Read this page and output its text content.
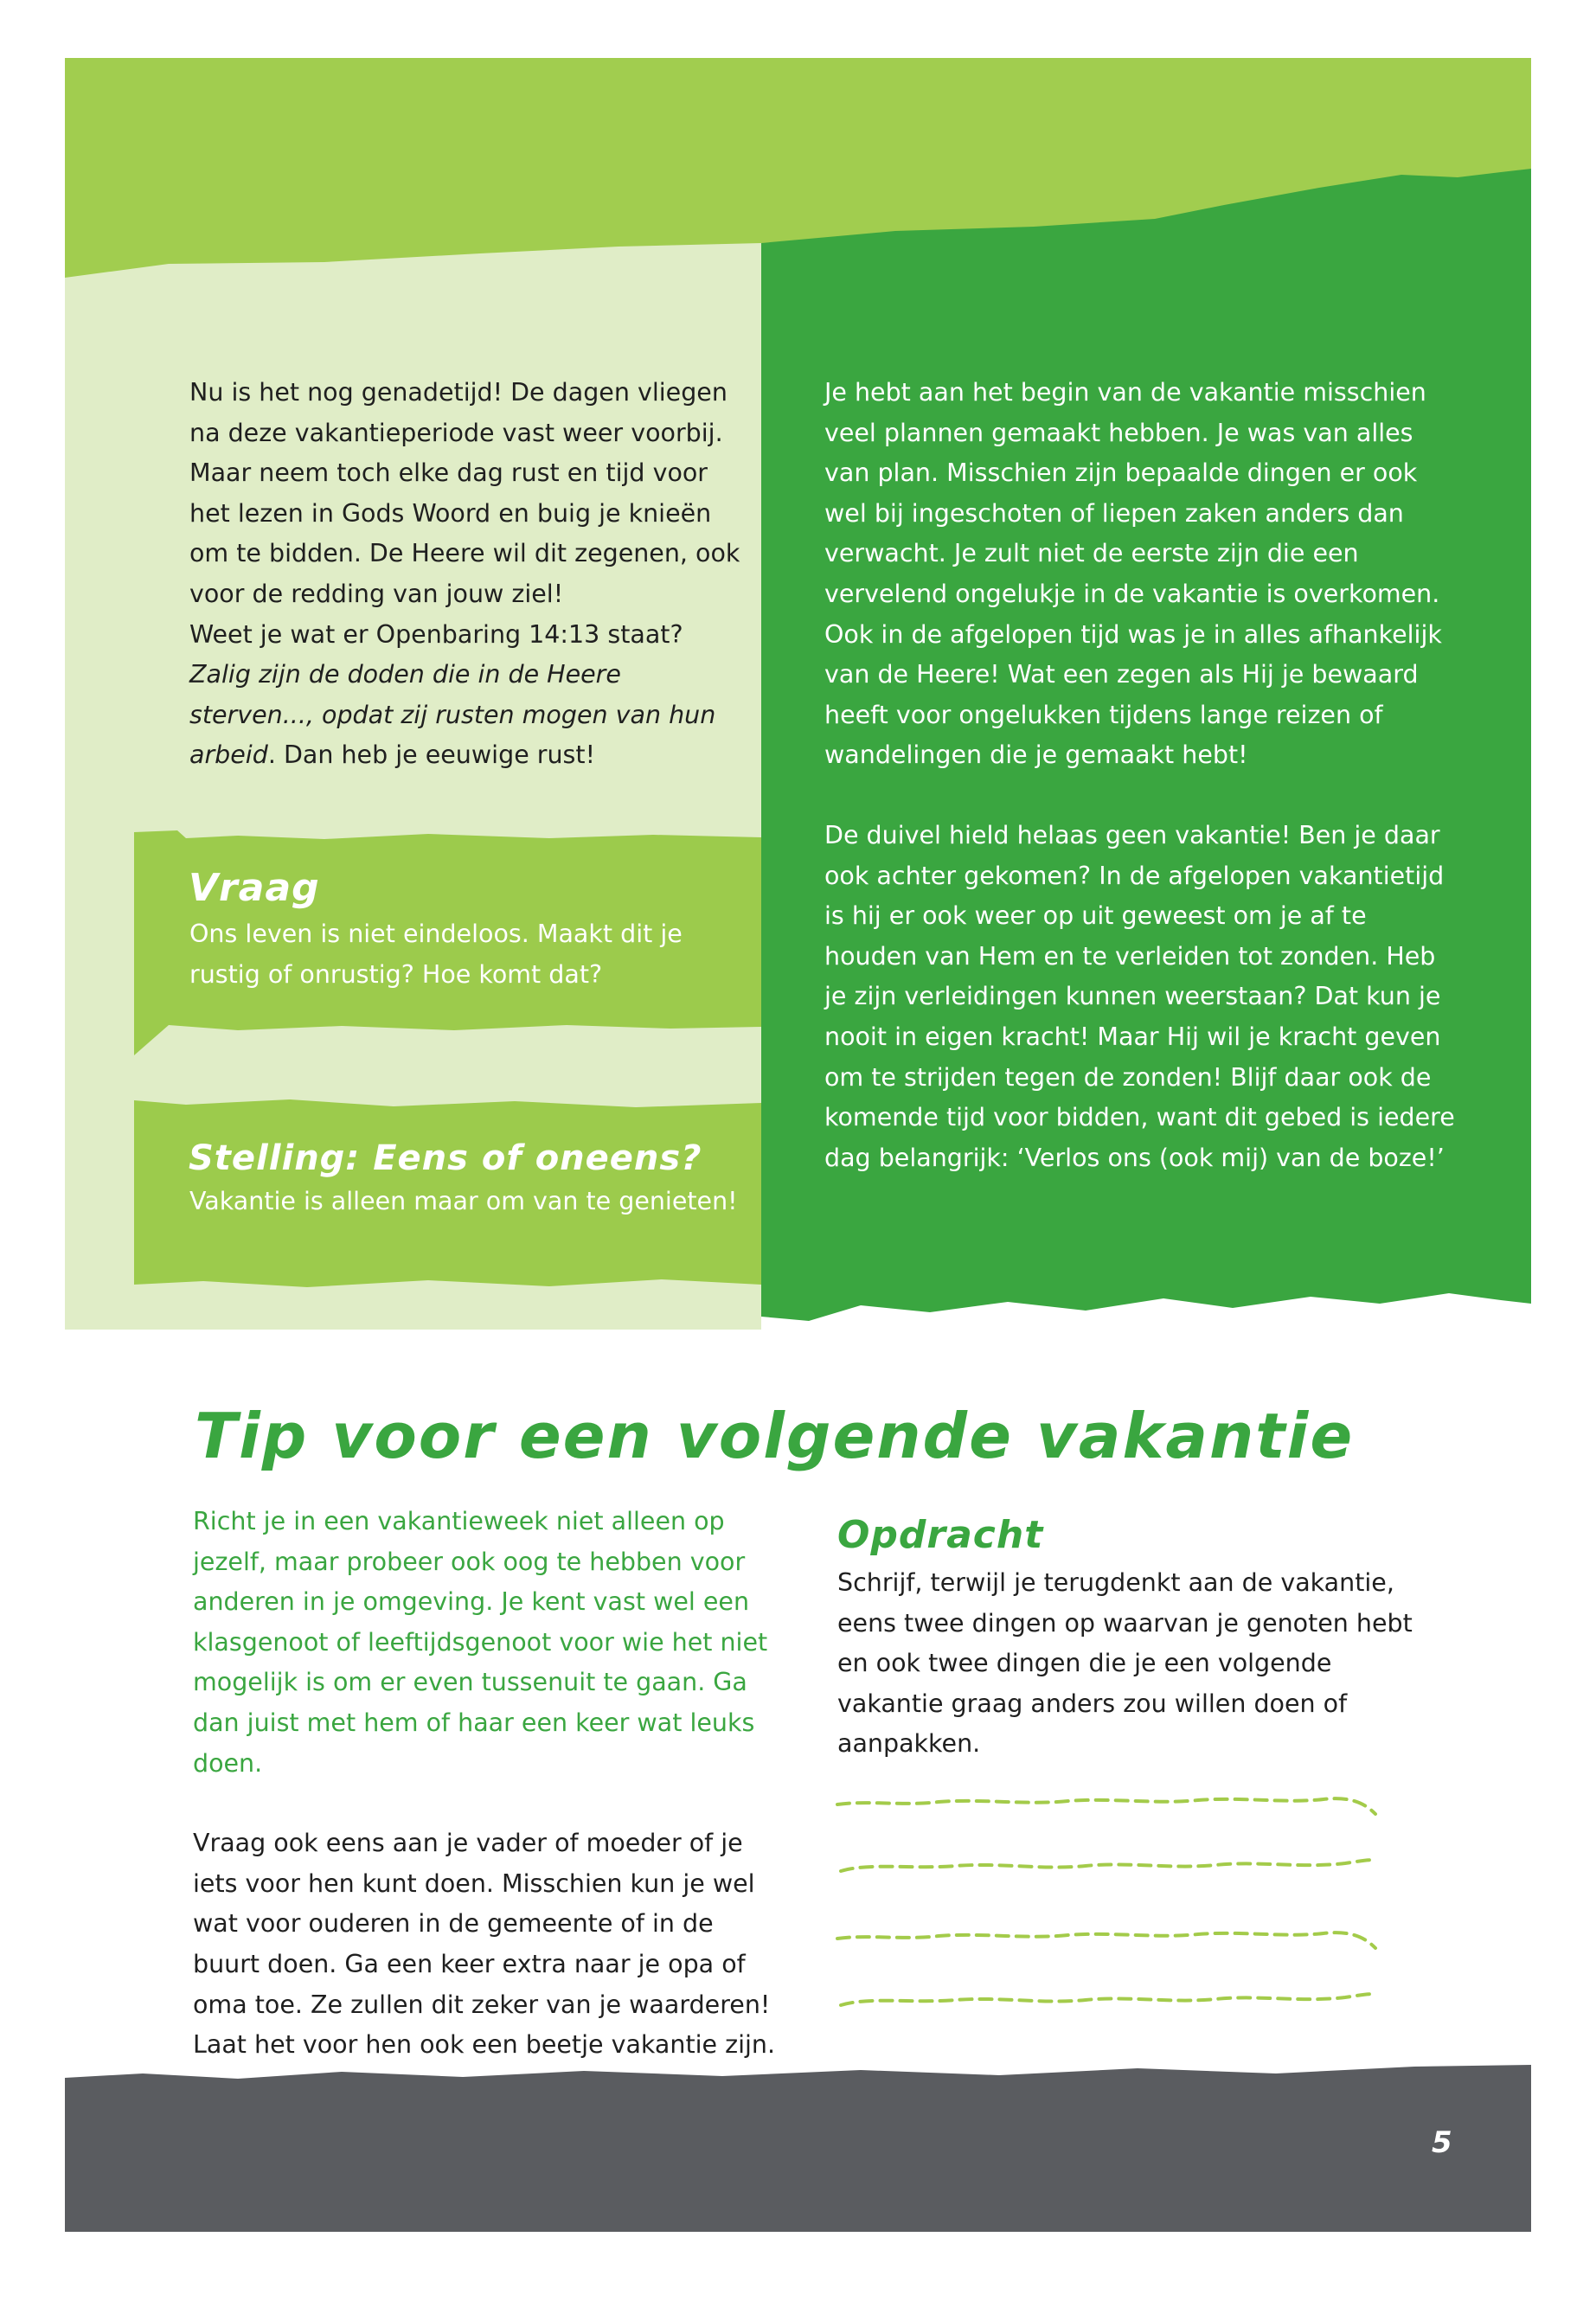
Nu is het nog genadetijd! De dagen vliegen na deze vakantieperiode vast weer voorbij. Maar neem toch elke dag rust en tijd voor het lezen in Gods Woord en buig je knieën om te bidden. De Heere wil dit zegenen, ook voor de redding van jouw ziel!

Weet je wat er Openbaring 14:13 staat?

Zalig zijn de doden die in de Heere sterven..., opdat zij rusten mogen van hun arbeid. Dan heb je eeuwige rust!

Vraag
Ons leven is niet eindeloos. Maakt dit je rustig of onrustig? Hoe komt dat?
Stelling: Eens of oneens?
Vakantie is alleen maar om van te genieten!

Je hebt aan het begin van de vakantie misschien veel plannen gemaakt hebben. Je was van alles van plan. Misschien zijn bepaalde dingen er ook wel bij ingeschoten of liepen zaken anders dan verwacht. Je zult niet de eerste zijn die een vervelend ongelukje in de vakantie is overkomen. Ook in de afgelopen tijd was je in alles afhankelijk van de Heere! Wat een zegen als Hij je bewaard heeft voor ongelukken tijdens lange reizen of wandelingen die je gemaakt hebt!

De duivel hield helaas geen vakantie! Ben je daar ook achter gekomen? In de afgelopen vakantietijd is hij er ook weer op uit geweest om je af te houden van Hem en te verleiden tot zonden. Heb je zijn verleidingen kunnen weerstaan? Dat kun je nooit in eigen kracht! Maar Hij wil je kracht geven om te strijden tegen de zonden! Blijf daar ook de komende tijd voor bidden, want dit gebed is iedere dag belangrijk: ‘Verlos ons (ook mij) van de boze!’

Tip voor een volgende vakantie

Richt je in een vakantieweek niet alleen op jezelf, maar probeer ook oog te hebben voor anderen in je omgeving. Je kent vast wel een klasgenoot of leeftijdsgenoot voor wie het niet mogelijk is om er even tussenuit te gaan. Ga dan juist met hem of haar een keer wat leuks doen.

Vraag ook eens aan je vader of moeder of je iets voor hen kunt doen. Misschien kun je wel wat voor ouderen in de gemeente of in de buurt doen. Ga een keer extra naar je opa of oma toe. Ze zullen dit zeker van je waarderen! Laat het voor hen ook een beetje vakantie zijn.

Opdracht
Schrijf, terwijl je terugdenkt aan de vakantie, eens twee dingen op waarvan je genoten hebt en ook twee dingen die je een volgende vakantie graag anders zou willen doen of aanpakken.
5
